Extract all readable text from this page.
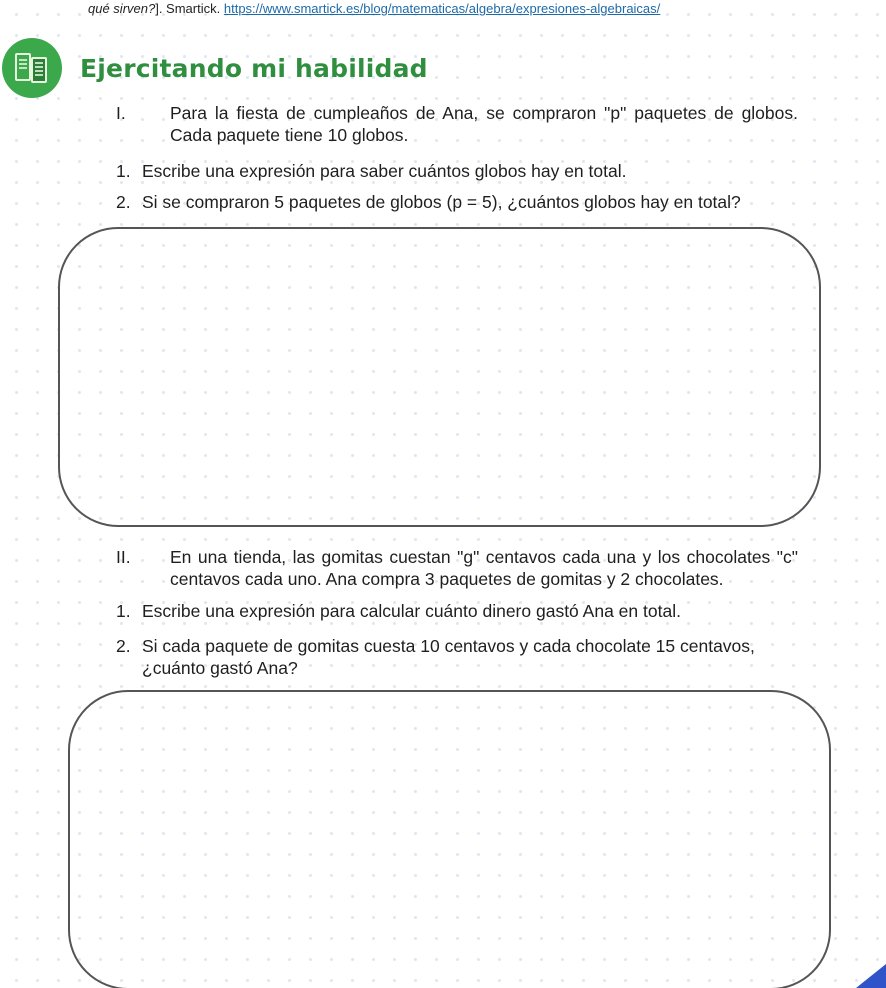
qué sirven?]. Smartick. https://www.smartick.es/blog/matematicas/algebra/expresiones-algebraicas/
Ejercitando mi habilidad
I.	Para la fiesta de cumpleaños de Ana, se compraron "p" paquetes de globos. Cada paquete tiene 10 globos.
1. Escribe una expresión para saber cuántos globos hay en total.
2. Si se compraron 5 paquetes de globos (p = 5), ¿cuántos globos hay en total?
II.	En una tienda, las gomitas cuestan "g" centavos cada una y los chocolates "c" centavos cada uno. Ana compra 3 paquetes de gomitas y 2 chocolates.
1. Escribe una expresión para calcular cuánto dinero gastó Ana en total.
2. Si cada paquete de gomitas cuesta 10 centavos y cada chocolate 15 centavos, ¿cuánto gastó Ana?
